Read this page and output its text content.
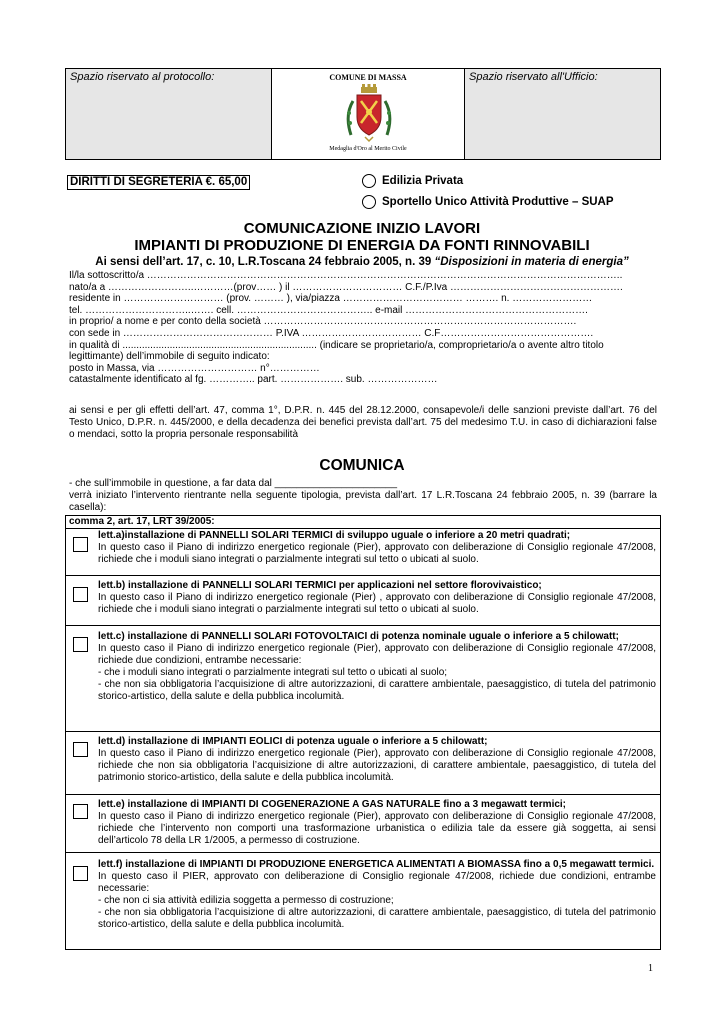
Spazio riservato al protocollo:	COMUNE DI MASSA
Medaglia d'Oro al Merito Civile
Spazio riservato all'Ufficio:
DIRITTI DI SEGRETERIA €. 65,00	Edilizia Privata
Sportello Unico Attività Produttive – SUAP
COMUNICAZIONE INIZIO LAVORI
IMPIANTI DI PRODUZIONE DI ENERGIA DA FONTI RINNOVABILI
Ai sensi dell’art. 17, c. 10, L.R.Toscana 24 febbraio 2005, n. 39 “Disposizioni in materia di energia”
Il/la sottoscritto/a ……………………………………………………………………………………………………………………………..
nato/a a ……………………..…………(prov…… ) il …………………………… C.F./P.Iva …………………………………………….
residente in ………………………… (prov. ……… ), via/piazza ……………………………… ………. n. ……………………
tel. …………………………..……. cell. ………………………………….. e-mail ……………………………………………….
in proprio/ a nome e per conto della società ………………………………………………………………………………….
con sede in ……………………………………… P.IVA ……………………………… C.F……………………………………….
in qualità di ...................................................................... (indicare se proprietario/a, comproprietario/a o avente altro titolo
legittimante) dell’immobile di seguito indicato:
posto in Massa, via ………………………… n°……………
catastalmente identificato al fg. ………….. part. ………………. sub. …………………
ai sensi e per gli effetti dell’art. 47, comma 1°, D.P.R. n. 445 del 28.12.2000, consapevole/i delle sanzioni previste dall’art. 76 del Testo Unico, D.P.R. n. 445/2000, e della decadenza dei benefici prevista dall’art. 75 del medesimo T.U. in caso di dichiarazioni false o mendaci, sotto la propria personale responsabilità
COMUNICA
- che sull’immobile in questione, a far data dal ______________________
verrà iniziato l’intervento rientrante nella seguente tipologia, prevista dall’art. 17 L.R.Toscana 24 febbraio 2005, n. 39 (barrare la casella):
comma 2, art. 17, LRT 39/2005:
lett.a)installazione di PANNELLI SOLARI TERMICI di sviluppo uguale o inferiore a 20 metri quadrati;
In questo caso il Piano di indirizzo energetico regionale (Pier), approvato con deliberazione di Consiglio regionale 47/2008, richiede che i moduli siano integrati o parzialmente integrati sul tetto o ubicati al suolo.
lett.b) installazione di PANNELLI SOLARI TERMICI per applicazioni nel settore florovivaistico;
In questo caso il Piano di indirizzo energetico regionale (Pier) , approvato con deliberazione di Consiglio regionale 47/2008, richiede che i moduli siano integrati o parzialmente integrati sul tetto o ubicati al suolo.
lett.c) installazione di PANNELLI SOLARI FOTOVOLTAICI di potenza nominale uguale o inferiore a 5 chilowatt;
In questo caso il Piano di indirizzo energetico regionale (Pier), approvato con deliberazione di Consiglio regionale 47/2008, richiede due condizioni, entrambe necessarie:
- che i moduli siano integrati o parzialmente integrati sul tetto o ubicati al suolo;
- che non sia obbligatoria l’acquisizione di altre autorizzazioni, di carattere ambientale, paesaggistico, di tutela del patrimonio storico-artistico, della salute e della pubblica incolumità.
lett.d) installazione di IMPIANTI EOLICI di potenza uguale o inferiore a 5 chilowatt;
In questo caso il Piano di indirizzo energetico regionale (Pier), approvato con deliberazione di Consiglio regionale 47/2008, richiede che non sia obbligatoria l’acquisizione di altre autorizzazioni, di carattere ambientale, paesaggistico, di tutela del patrimonio storico-artistico, della salute e della pubblica incolumità.
lett.e) installazione di IMPIANTI DI COGENERAZIONE A GAS NATURALE fino a 3 megawatt termici;
In questo caso il Piano di indirizzo energetico regionale (Pier), approvato con deliberazione di Consiglio regionale 47/2008, richiede che l’intervento non comporti una trasformazione urbanistica o edilizia tale da essere già soggetta, ai sensi dell’articolo 78 della LR 1/2005, a permesso di costruzione.
lett.f) installazione di IMPIANTI DI PRODUZIONE ENERGETICA ALIMENTATI A BIOMASSA fino a 0,5 megawatt termici.
In questo caso il PIER, approvato con deliberazione di Consiglio regionale 47/2008, richiede due condizioni, entrambe necessarie:
- che non ci sia attività edilizia soggetta a permesso di costruzione;
- che non sia obbligatoria l’acquisizione di altre autorizzazioni, di carattere ambientale, paesaggistico, di tutela del patrimonio storico-artistico, della salute e della pubblica incolumità.
1
